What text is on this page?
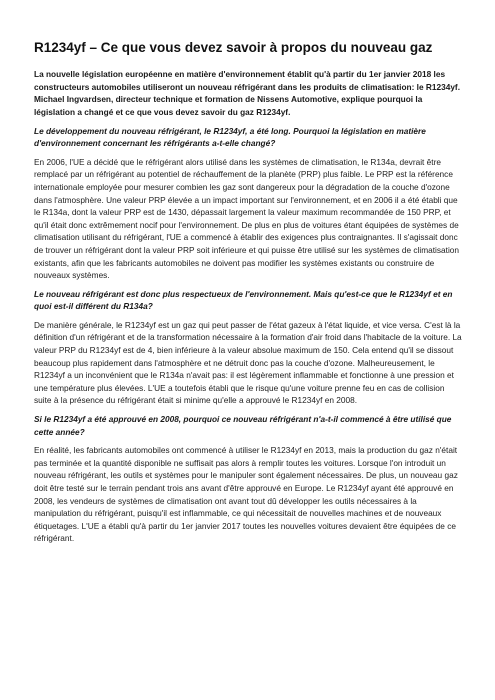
R1234yf – Ce que vous devez savoir à propos du nouveau gaz

La nouvelle législation européenne en matière d'environnement établit qu'à partir du 1er janvier 2018 les constructeurs automobiles utiliseront un nouveau réfrigérant dans les produits de climatisation: le R1234yf. Michael Ingvardsen, directeur technique et formation de Nissens Automotive, explique pourquoi la législation a changé et ce que vous devez savoir du gaz R1234yf.

Le développement du nouveau réfrigérant, le R1234yf, a été long. Pourquoi la législation en matière d'environnement concernant les réfrigérants a-t-elle changé?

En 2006, l'UE a décidé que le réfrigérant alors utilisé dans les systèmes de climatisation, le R134a, devrait être remplacé par un réfrigérant au potentiel de réchauffement de la planète (PRP) plus faible. Le PRP est la référence internationale employée pour mesurer combien les gaz sont dangereux pour la dégradation de la couche d'ozone dans l'atmosphère. Une valeur PRP élevée a un impact important sur l'environnement, et en 2006 il a été établi que le R134a, dont la valeur PRP est de 1430, dépassait largement la valeur maximum recommandée de 150 PRP, et qu'il était donc extrêmement nocif pour l'environnement. De plus en plus de voitures étant équipées de systèmes de climatisation utilisant du réfrigérant, l'UE a commencé à établir des exigences plus contraignantes. Il s'agissait donc de trouver un réfrigérant dont la valeur PRP soit inférieure et qui puisse être utilisé sur les systèmes de climatisation existants, afin que les fabricants automobiles ne doivent pas modifier les systèmes existants ou construire de nouveaux systèmes.

Le nouveau réfrigérant est donc plus respectueux de l'environnement. Mais qu'est-ce que le R1234yf et en quoi est-il différent du R134a?

De manière générale, le R1234yf est un gaz qui peut passer de l'état gazeux à l'état liquide, et vice versa. C'est là la définition d'un réfrigérant et de la transformation nécessaire à la formation d'air froid dans l'habitacle de la voiture. La valeur PRP du R1234yf est de 4, bien inférieure à la valeur absolue maximum de 150. Cela entend qu'il se dissout beaucoup plus rapidement dans l'atmosphère et ne détruit donc pas la couche d'ozone. Malheureusement, le R1234yf a un inconvénient que le R134a n'avait pas: il est légèrement inflammable et fonctionne à une pression et une température plus élevées. L'UE a toutefois établi que le risque qu'une voiture prenne feu en cas de collision suite à la présence du réfrigérant était si minime qu'elle a approuvé le R1234yf en 2008.

Si le R1234yf a été approuvé en 2008, pourquoi ce nouveau réfrigérant n'a-t-il commencé à être utilisé que cette année?

En réalité, les fabricants automobiles ont commencé à utiliser le R1234yf en 2013, mais la production du gaz n'était pas terminée et la quantité disponible ne suffisait pas alors à remplir toutes les voitures. Lorsque l'on introduit un nouveau réfrigérant, les outils et systèmes pour le manipuler sont également nécessaires. De plus, un nouveau gaz doit être testé sur le terrain pendant trois ans avant d'être approuvé en Europe. Le R1234yf ayant été approuvé en 2008, les vendeurs de systèmes de climatisation ont avant tout dû développer les outils nécessaires à la manipulation du réfrigérant, puisqu'il est inflammable, ce qui nécessitait de nouvelles machines et de nouveaux étiquetages. L'UE a établi qu'à partir du 1er janvier 2017 toutes les nouvelles voitures devaient être équipées de ce réfrigérant.
